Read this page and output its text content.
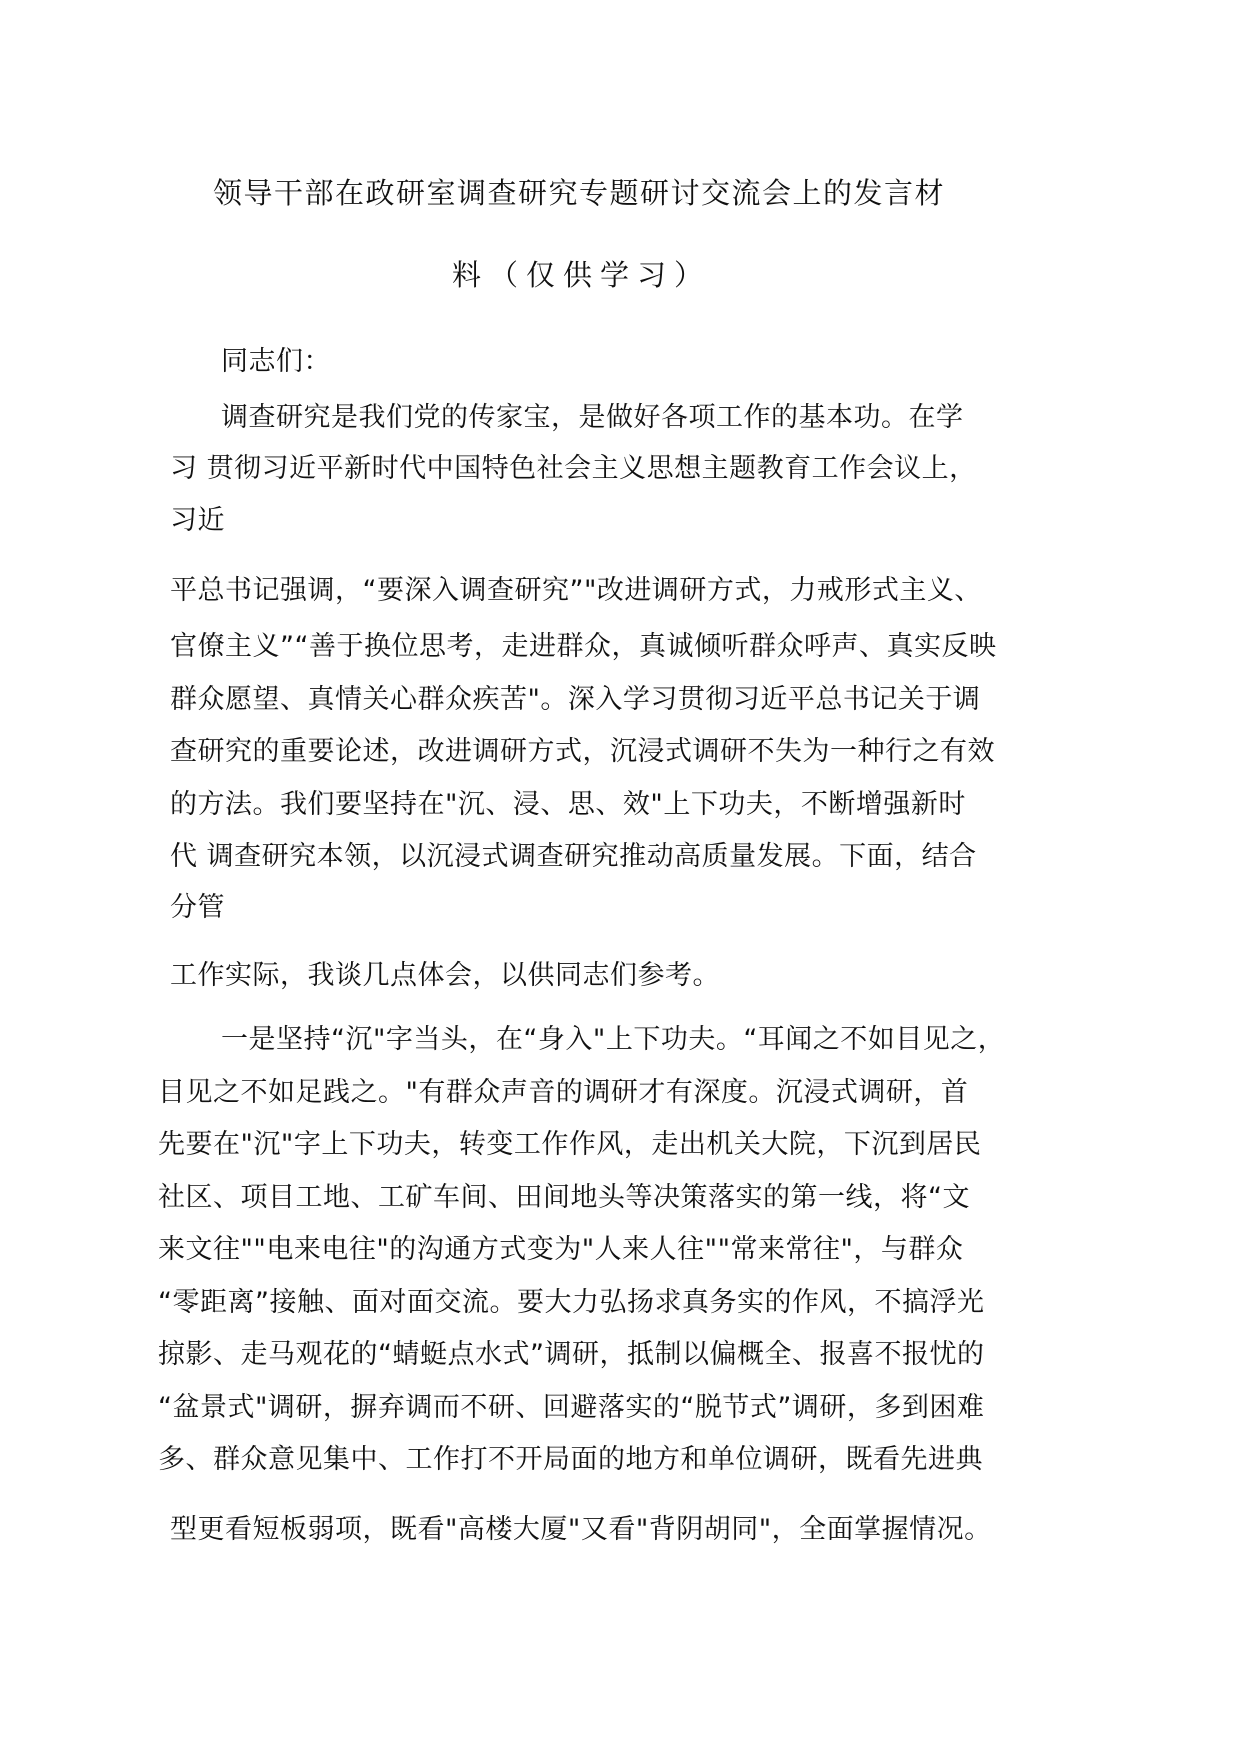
领导干部在政研室调查研究专题研讨交流会上的发言材
料（仅供学习）
同志们：
调查研究是我们党的传家宝，是做好各项工作的基本功。在学
习 贯彻习近平新时代中国特色社会主义思想主题教育工作会议上，
习近
平总书记强调，“要深入调查研究”"改进调研方式，力戒形式主义、
官僚主义”“善于换位思考，走进群众，真诚倾听群众呼声、真实反映
群众愿望、真情关心群众疾苦"。深入学习贯彻习近平总书记关于调
查研究的重要论述，改进调研方式，沉浸式调研不失为一种行之有效
的方法。我们要坚持在"沉、浸、思、效"上下功夫，不断增强新时
代 调查研究本领，以沉浸式调查研究推动高质量发展。下面，结合
分管
工作实际，我谈几点体会，以供同志们参考。
一是坚持“沉"字当头，在“身入"上下功夫。“耳闻之不如目见之，
目见之不如足践之。"有群众声音的调研才有深度。沉浸式调研，首
先要在"沉"字上下功夫，转变工作作风，走出机关大院，下沉到居民
社区、项目工地、工矿车间、田间地头等决策落实的第一线，将“文
来文往""电来电往"的沟通方式变为"人来人往""常来常往"，与群众
“零距离”接触、面对面交流。要大力弘扬求真务实的作风，不搞浮光
掠影、走马观花的“蜻蜓点水式”调研，抵制以偏概全、报喜不报忧的
“盆景式"调研，摒弃调而不研、回避落实的“脱节式”调研，多到困难
多、群众意见集中、工作打不开局面的地方和单位调研，既看先进典
型更看短板弱项，既看"高楼大厦"又看"背阴胡同"，全面掌握情况。
